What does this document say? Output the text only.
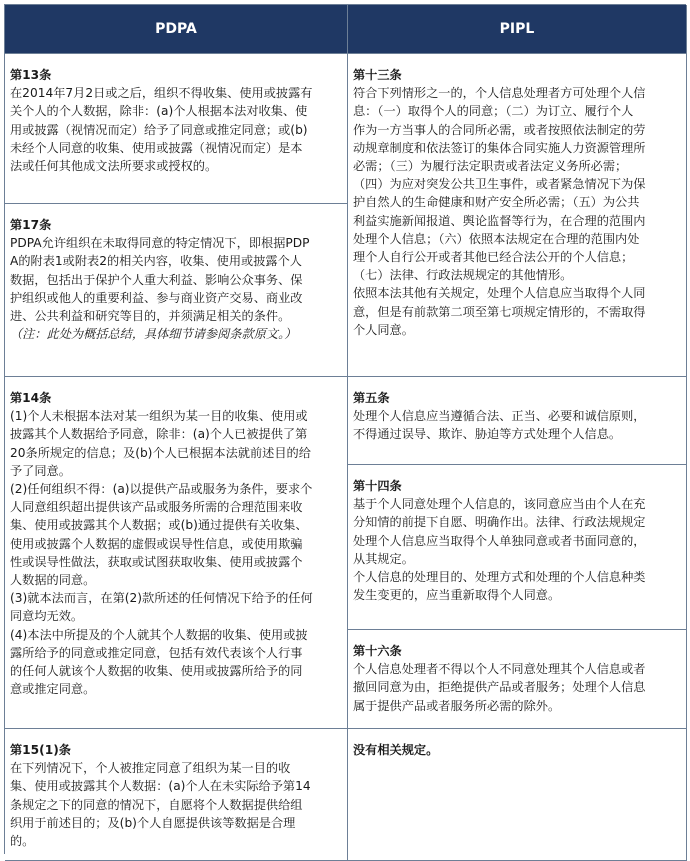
PDPA	PIPL
第13条
在2014年7月2日或之后，组织不得收集、使用或披露有
关个人的个人数据，除非：(a)个人根据本法对收集、使
用或披露（视情况而定）给予了同意或推定同意；或(b)
未经个人同意的收集、使用或披露（视情况而定）是本
法或任何其他成文法所要求或授权的。
第十三条
符合下列情形之一的，个人信息处理者方可处理个人信
息：（一）取得个人的同意；（二）为订立、履行个人
作为一方当事人的合同所必需，或者按照依法制定的劳
动规章制度和依法签订的集体合同实施人力资源管理所
必需；（三）为履行法定职责或者法定义务所必需；
（四）为应对突发公共卫生事件，或者紧急情况下为保
护自然人的生命健康和财产安全所必需；（五）为公共
利益实施新闻报道、舆论监督等行为，在合理的范围内
处理个人信息；（六）依照本法规定在合理的范围内处
理个人自行公开或者其他已经合法公开的个人信息；
（七）法律、行政法规规定的其他情形。
依照本法其他有关规定，处理个人信息应当取得个人同
意，但是有前款第二项至第七项规定情形的，不需取得
个人同意。
第17条
PDPA允许组织在未取得同意的特定情况下，即根据PDP
A的附表1或附表2的相关内容，收集、使用或披露个人
数据，包括出于保护个人重大利益、影响公众事务、保
护组织或他人的重要利益、参与商业资产交易、商业改
进、公共利益和研究等目的，并须满足相关的条件。
（注：此处为概括总结，具体细节请参阅条款原文。）
第14条
(1)个人未根据本法对某一组织为某一目的收集、使用或
披露其个人数据给予同意，除非：(a)个人已被提供了第
20条所规定的信息；及(b)个人已根据本法就前述目的给
予了同意。
(2)任何组织不得：(a)以提供产品或服务为条件，要求个
人同意组织超出提供该产品或服务所需的合理范围来收
集、使用或披露其个人数据；或(b)通过提供有关收集、
使用或披露个人数据的虚假或误导性信息，或使用欺骗
性或误导性做法，获取或试图获取收集、使用或披露个
人数据的同意。
(3)就本法而言，在第(2)款所述的任何情况下给予的任何
同意均无效。
(4)本法中所提及的个人就其个人数据的收集、使用或披
露所给予的同意或推定同意，包括有效代表该个人行事
的任何人就该个人数据的收集、使用或披露所给予的同
意或推定同意。
第五条
处理个人信息应当遵循合法、正当、必要和诚信原则，
不得通过误导、欺诈、胁迫等方式处理个人信息。
第十四条
基于个人同意处理个人信息的，该同意应当由个人在充
分知情的前提下自愿、明确作出。法律、行政法规规定
处理个人信息应当取得个人单独同意或者书面同意的，
从其规定。
个人信息的处理目的、处理方式和处理的个人信息种类
发生变更的，应当重新取得个人同意。
第十六条
个人信息处理者不得以个人不同意处理其个人信息或者
撤回同意为由，拒绝提供产品或者服务；处理个人信息
属于提供产品或者服务所必需的除外。
第15(1)条
在下列情况下，个人被推定同意了组织为某一目的收
集、使用或披露其个人数据：(a)个人在未实际给予第14
条规定之下的同意的情况下，自愿将个人数据提供给组
织用于前述目的；及(b)个人自愿提供该等数据是合理
的。
没有相关规定。
